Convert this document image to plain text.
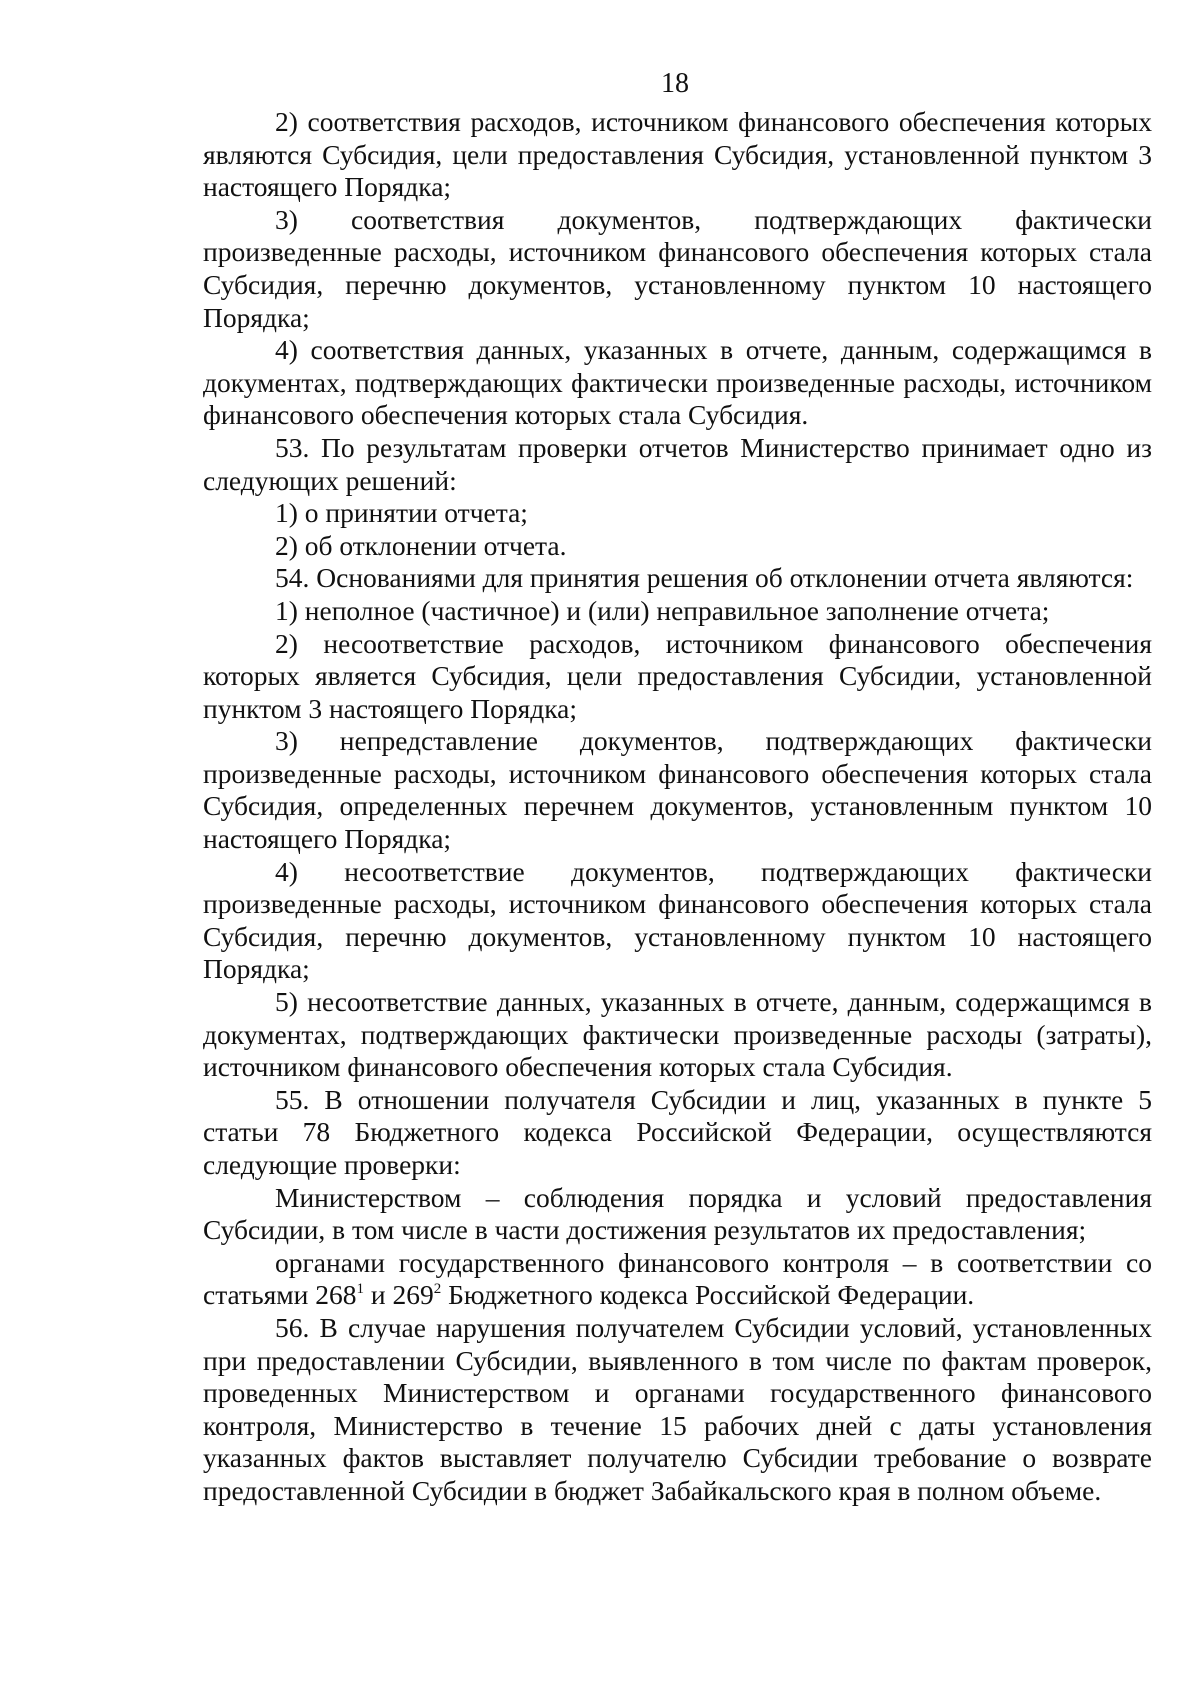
18

2) соответствия расходов, источником финансового обеспечения которых являются Субсидия, цели предоставления Субсидия, установленной пунктом 3 настоящего Порядка;

3) соответствия документов, подтверждающих фактически произведенные расходы, источником финансового обеспечения которых стала Субсидия, перечню документов, установленному пунктом 10 настоящего Порядка;

4) соответствия данных, указанных в отчете, данным, содержащимся в документах, подтверждающих фактически произведенные расходы, источником финансового обеспечения которых стала Субсидия.

53. По результатам проверки отчетов Министерство принимает одно из следующих решений:

1) о принятии отчета;

2) об отклонении отчета.

54. Основаниями для принятия решения об отклонении отчета являются:

1) неполное (частичное) и (или) неправильное заполнение отчета;

2) несоответствие расходов, источником финансового обеспечения которых является Субсидия, цели предоставления Субсидии, установленной пунктом 3 настоящего Порядка;

3) непредставление документов, подтверждающих фактически произведенные расходы, источником финансового обеспечения которых стала Субсидия, определенных перечнем документов, установленным пунктом 10 настоящего Порядка;

4) несоответствие документов, подтверждающих фактически произведенные расходы, источником финансового обеспечения которых стала Субсидия, перечню документов, установленному пунктом 10 настоящего Порядка;

5) несоответствие данных, указанных в отчете, данным, содержащимся в документах, подтверждающих фактически произведенные расходы (затраты), источником финансового обеспечения которых стала Субсидия.

55. В отношении получателя Субсидии и лиц, указанных в пункте 5 статьи 78 Бюджетного кодекса Российской Федерации, осуществляются следующие проверки:

Министерством – соблюдения порядка и условий предоставления Субсидии, в том числе в части достижения результатов их предоставления;

органами государственного финансового контроля – в соответствии со статьями $268^1$ и $269^2$ Бюджетного кодекса Российской Федерации.

56. В случае нарушения получателем Субсидии условий, установленных при предоставлении Субсидии, выявленного в том числе по фактам проверок, проведенных Министерством и органами государственного финансового контроля, Министерство в течение 15 рабочих дней с даты установления указанных фактов выставляет получателю Субсидии требование о возврате предоставленной Субсидии в бюджет Забайкальского края в полном объеме.
